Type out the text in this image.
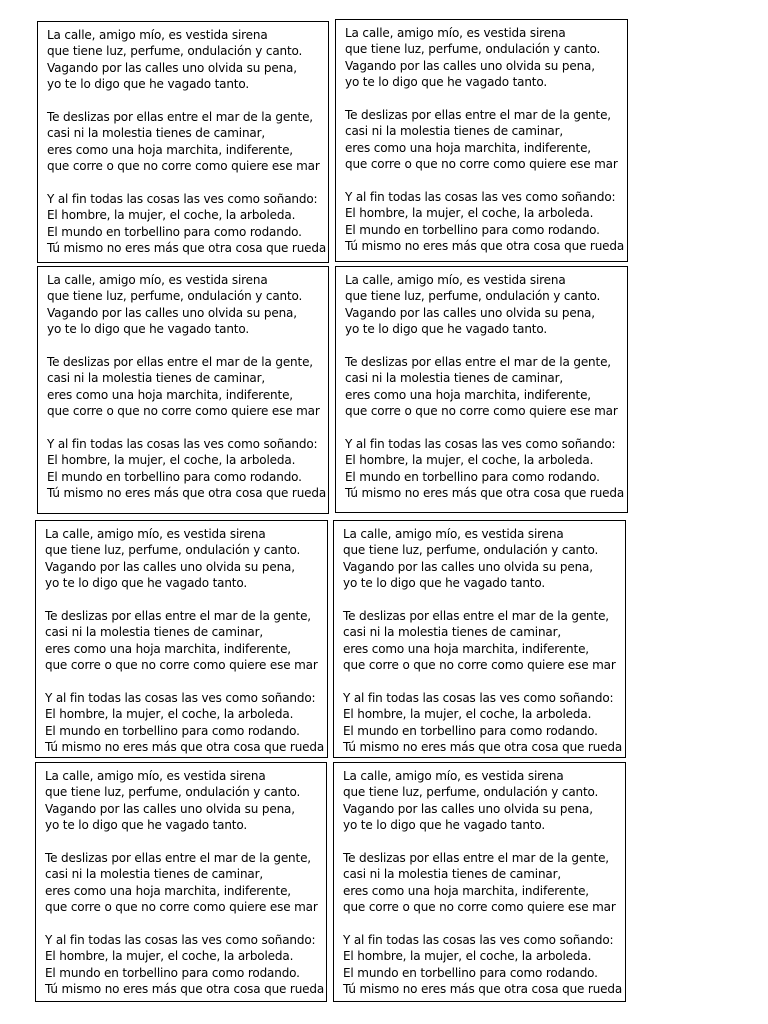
La calle, amigo mío, es vestida sirena
que tiene luz, perfume, ondulación y canto.
Vagando por las calles uno olvida su pena,
yo te lo digo que he vagado tanto.
Te deslizas por ellas entre el mar de la gente,
casi ni la molestia tienes de caminar,
eres como una hoja marchita, indiferente,
que corre o que no corre como quiere ese mar
Y al fin todas las cosas las ves como soñando:
El hombre, la mujer, el coche, la arboleda.
El mundo en torbellino para como rodando.
Tú mismo no eres más que otra cosa que rueda
La calle, amigo mío, es vestida sirena
que tiene luz, perfume, ondulación y canto.
Vagando por las calles uno olvida su pena,
yo te lo digo que he vagado tanto.
Te deslizas por ellas entre el mar de la gente,
casi ni la molestia tienes de caminar,
eres como una hoja marchita, indiferente,
que corre o que no corre como quiere ese mar
Y al fin todas las cosas las ves como soñando:
El hombre, la mujer, el coche, la arboleda.
El mundo en torbellino para como rodando.
Tú mismo no eres más que otra cosa que rueda
La calle, amigo mío, es vestida sirena
que tiene luz, perfume, ondulación y canto.
Vagando por las calles uno olvida su pena,
yo te lo digo que he vagado tanto.
Te deslizas por ellas entre el mar de la gente,
casi ni la molestia tienes de caminar,
eres como una hoja marchita, indiferente,
que corre o que no corre como quiere ese mar
Y al fin todas las cosas las ves como soñando:
El hombre, la mujer, el coche, la arboleda.
El mundo en torbellino para como rodando.
Tú mismo no eres más que otra cosa que rueda
La calle, amigo mío, es vestida sirena
que tiene luz, perfume, ondulación y canto.
Vagando por las calles uno olvida su pena,
yo te lo digo que he vagado tanto.
Te deslizas por ellas entre el mar de la gente,
casi ni la molestia tienes de caminar,
eres como una hoja marchita, indiferente,
que corre o que no corre como quiere ese mar
Y al fin todas las cosas las ves como soñando:
El hombre, la mujer, el coche, la arboleda.
El mundo en torbellino para como rodando.
Tú mismo no eres más que otra cosa que rueda
La calle, amigo mío, es vestida sirena
que tiene luz, perfume, ondulación y canto.
Vagando por las calles uno olvida su pena,
yo te lo digo que he vagado tanto.
Te deslizas por ellas entre el mar de la gente,
casi ni la molestia tienes de caminar,
eres como una hoja marchita, indiferente,
que corre o que no corre como quiere ese mar
Y al fin todas las cosas las ves como soñando:
El hombre, la mujer, el coche, la arboleda.
El mundo en torbellino para como rodando.
Tú mismo no eres más que otra cosa que rueda
La calle, amigo mío, es vestida sirena
que tiene luz, perfume, ondulación y canto.
Vagando por las calles uno olvida su pena,
yo te lo digo que he vagado tanto.
Te deslizas por ellas entre el mar de la gente,
casi ni la molestia tienes de caminar,
eres como una hoja marchita, indiferente,
que corre o que no corre como quiere ese mar
Y al fin todas las cosas las ves como soñando:
El hombre, la mujer, el coche, la arboleda.
El mundo en torbellino para como rodando.
Tú mismo no eres más que otra cosa que rueda
La calle, amigo mío, es vestida sirena
que tiene luz, perfume, ondulación y canto.
Vagando por las calles uno olvida su pena,
yo te lo digo que he vagado tanto.
Te deslizas por ellas entre el mar de la gente,
casi ni la molestia tienes de caminar,
eres como una hoja marchita, indiferente,
que corre o que no corre como quiere ese mar
Y al fin todas las cosas las ves como soñando:
El hombre, la mujer, el coche, la arboleda.
El mundo en torbellino para como rodando.
Tú mismo no eres más que otra cosa que rueda
La calle, amigo mío, es vestida sirena
que tiene luz, perfume, ondulación y canto.
Vagando por las calles uno olvida su pena,
yo te lo digo que he vagado tanto.
Te deslizas por ellas entre el mar de la gente,
casi ni la molestia tienes de caminar,
eres como una hoja marchita, indiferente,
que corre o que no corre como quiere ese mar
Y al fin todas las cosas las ves como soñando:
El hombre, la mujer, el coche, la arboleda.
El mundo en torbellino para como rodando.
Tú mismo no eres más que otra cosa que rueda
